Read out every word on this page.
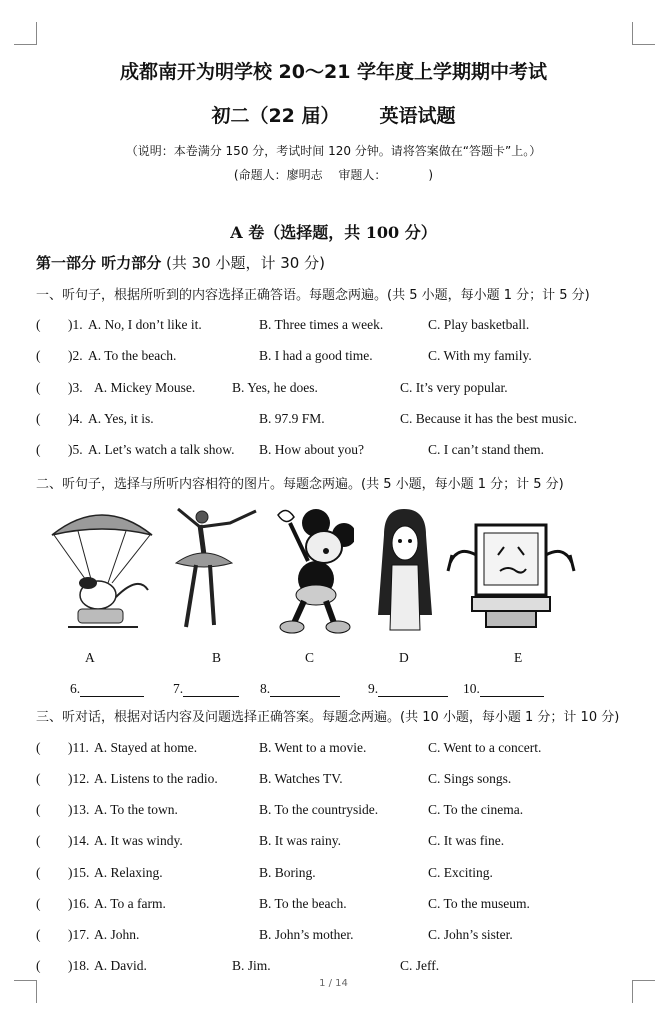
成都南开为明学校 20～21 学年度上学期期中考试
初二（22 届） 英语试题
（说明：本卷满分 150 分，考试时间 120 分钟。请将答案做在“答题卡”上。）
(命题人：廖明志　 审题人：　　　　)
A 卷（选择题，共 100 分）
第一部分 听力部分 (共 30 小题，计 30 分)
一、听句子，根据所听到的内容选择正确答语。每题念两遍。(共 5 小题，每小题 1 分；计 5 分)
( )1. A. No, I don’t like it.	B. Three times a week.	C. Play basketball.
( )2. A. To the beach.	B. I had a good time.	C. With my family.
( )3. A. Mickey Mouse.	B. Yes, he does.	C. It’s very popular.
( )4. A. Yes, it is.	B. 97.9 FM.	C. Because it has the best music.
( )5. A. Let’s watch a talk show. B. How about you?	C. I can’t stand them.
二、听句子，选择与所听内容相符的图片。每题念两遍。(共 5 小题，每小题 1 分；计 5 分)
A	B	C	D	E
6.	7.	8.	9.	10.
三、听对话，根据对话内容及问题选择正确答案。每题念两遍。(共 10 小题，每小题 1 分；计 10 分)
( )11. A. Stayed at home.	B. Went to a movie.	C. Went to a concert.
( )12. A. Listens to the radio.	B. Watches TV.	C. Sings songs.
( )13. A. To the town.	B. To the countryside.	C. To the cinema.
( )14. A. It was windy.	B. It was rainy.	C. It was fine.
( )15. A. Relaxing.	B. Boring.	C. Exciting.
( )16. A. To a farm.	B. To the beach.	C. To the museum.
( )17. A. John.	B. John’s mother.	C. John’s sister.
( )18. A. David.	B. Jim.	C. Jeff.
1 / 14
